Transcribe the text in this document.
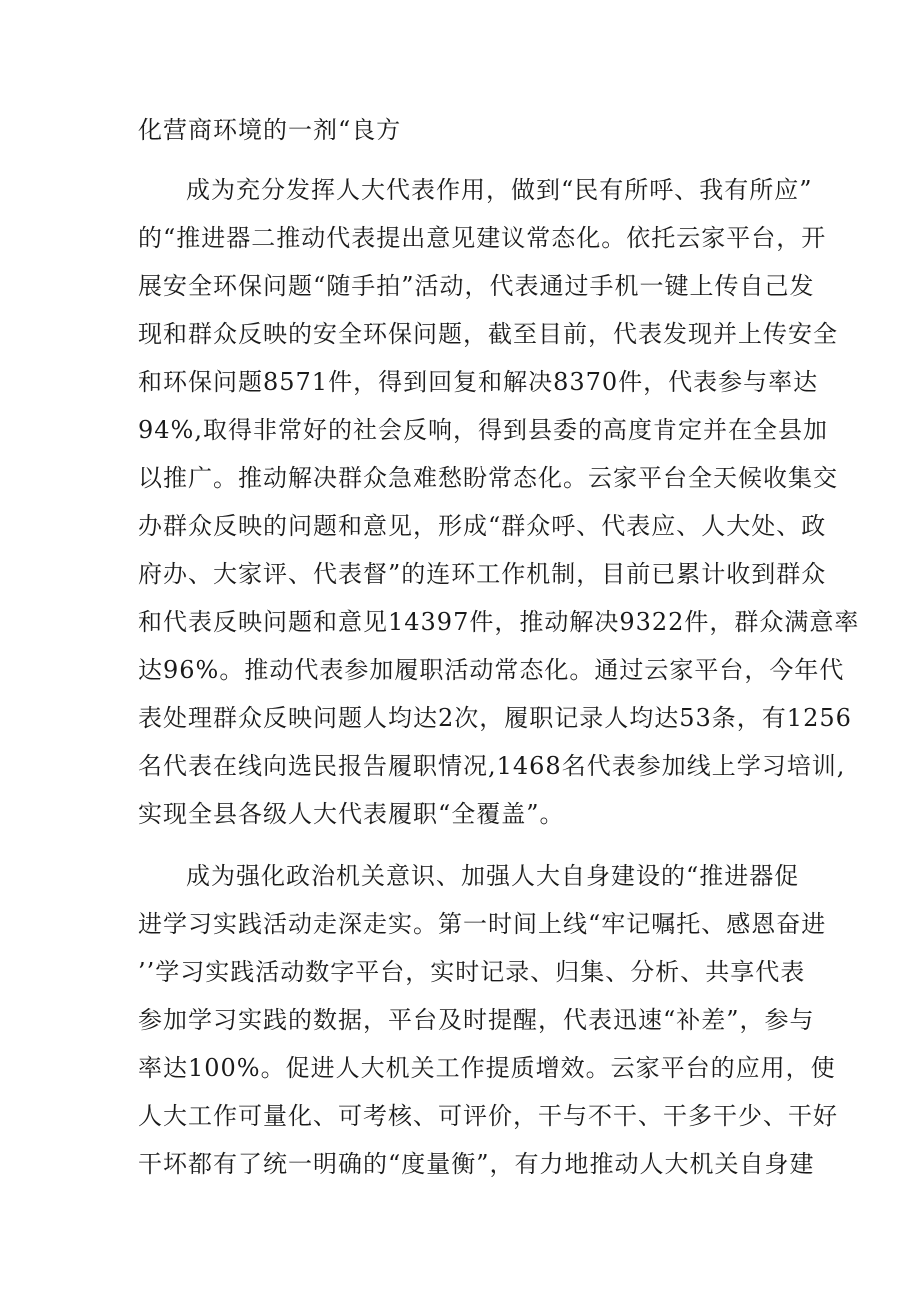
化营商环境的一剂“良方
成为充分发挥人大代表作用，做到“民有所呼、我有所应”
的“推进器二推动代表提出意见建议常态化。依托云家平台，开
展安全环保问题“随手拍”活动，代表通过手机一键上传自己发
现和群众反映的安全环保问题，截至目前，代表发现并上传安全
和环保问题8571件，得到回复和解决8370件，代表参与率达
94%,取得非常好的社会反响，得到县委的高度肯定并在全县加
以推广。推动解决群众急难愁盼常态化。云家平台全天候收集交
办群众反映的问题和意见，形成“群众呼、代表应、人大处、政
府办、大家评、代表督”的连环工作机制，目前已累计收到群众
和代表反映问题和意见14397件，推动解决9322件，群众满意率
达96%。推动代表参加履职活动常态化。通过云家平台，今年代
表处理群众反映问题人均达2次，履职记录人均达53条，有1256
名代表在线向选民报告履职情况,1468名代表参加线上学习培训,
实现全县各级人大代表履职“全覆盖”。
成为强化政治机关意识、加强人大自身建设的“推进器促
进学习实践活动走深走实。第一时间上线“牢记嘱托、感恩奋进
’’学习实践活动数字平台，实时记录、归集、分析、共享代表
参加学习实践的数据，平台及时提醒，代表迅速“补差”，参与
率达100%。促进人大机关工作提质增效。云家平台的应用，使
人大工作可量化、可考核、可评价，干与不干、干多干少、干好
干坏都有了统一明确的“度量衡”，有力地推动人大机关自身建
